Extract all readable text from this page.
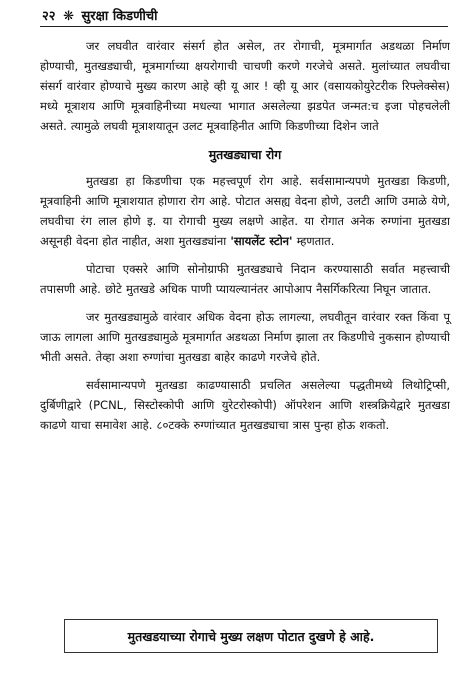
२२ ❋ सुरक्षा किडणीची

जर लघवीत वारंवार संसर्ग होत असेल, तर रोगाची, मूत्रमार्गात अडथळा निर्माण होण्याची, मुतखड्याची, मूत्रमार्गाच्या क्षयरोगाची चाचणी करणे गरजेचे असते. मुलांच्यात लघवीचा संसर्ग वारंवार होण्याचे मुख्य कारण आहे व्ही यू आर ! व्ही यू आर (वसायकोयुरेटरीक रिफ्लेक्सेस) मध्ये मूत्राशय आणि मूत्रवाहिनीच्या मधल्या भागात असलेल्या झडपेत जन्मत:च इजा पोहचलेली असते. त्यामुळे लघवी मूत्राशयातून उलट मूत्रवाहिनीत आणि किडणीच्या दिशेन जाते

मुतखड्याचा रोग

मुतखडा हा किडणीचा एक महत्त्वपूर्ण रोग आहे. सर्वसामान्यपणे मुतखडा किडणी, मूत्रवाहिनी आणि मूत्राशयात होणारा रोग आहे. पोटात असह्य वेदना होणे, उलटी आणि उमाळे येणे, लघवीचा रंग लाल होणे इ. या रोगाची मुख्य लक्षणे आहेत. या रोगात अनेक रुग्णांना मुतखडा असूनही वेदना होत नाहीत, अशा मुतखड्यांना 'सायलेंट स्टोन' म्हणतात.

पोटाचा एक्सरे आणि सोनोग्राफी मुतखड्याचे निदान करण्यासाठी सर्वात महत्त्वाची तपासणी आहे. छोटे मुतखडे अधिक पाणी प्यायल्यानंतर आपोआप नैसर्गिकरित्या निघून जातात.

जर मुतखड्यामुळे वारंवार अधिक वेदना होऊ लागल्या, लघवीतून वारंवार रक्त किंवा पू जाऊ लागला आणि मुतखड्यामुळे मूत्रमार्गात अडथळा निर्माण झाला तर किडणीचे नुकसान होण्याची भीती असते. तेव्हा अशा रुग्णांचा मुतखडा बाहेर काढणे गरजेचे होते.

सर्वसामान्यपणे मुतखडा काढण्यासाठी प्रचलित असलेल्या पद्धतीमध्ये लिथोट्रिप्सी, दुर्बिणीद्वारे (PCNL, सिस्टोस्कोपी आणि युरेटरोस्कोपी) ऑपरेशन आणि शस्त्रक्रियेद्वारे मुतखडा काढणे याचा समावेश आहे. ८०टक्के रुग्णांच्यात मुतखड्याचा त्रास पुन्हा होऊ शकतो.

मुतखडयाच्या रोगाचे मुख्य लक्षण पोटात दुखणे हे आहे.
